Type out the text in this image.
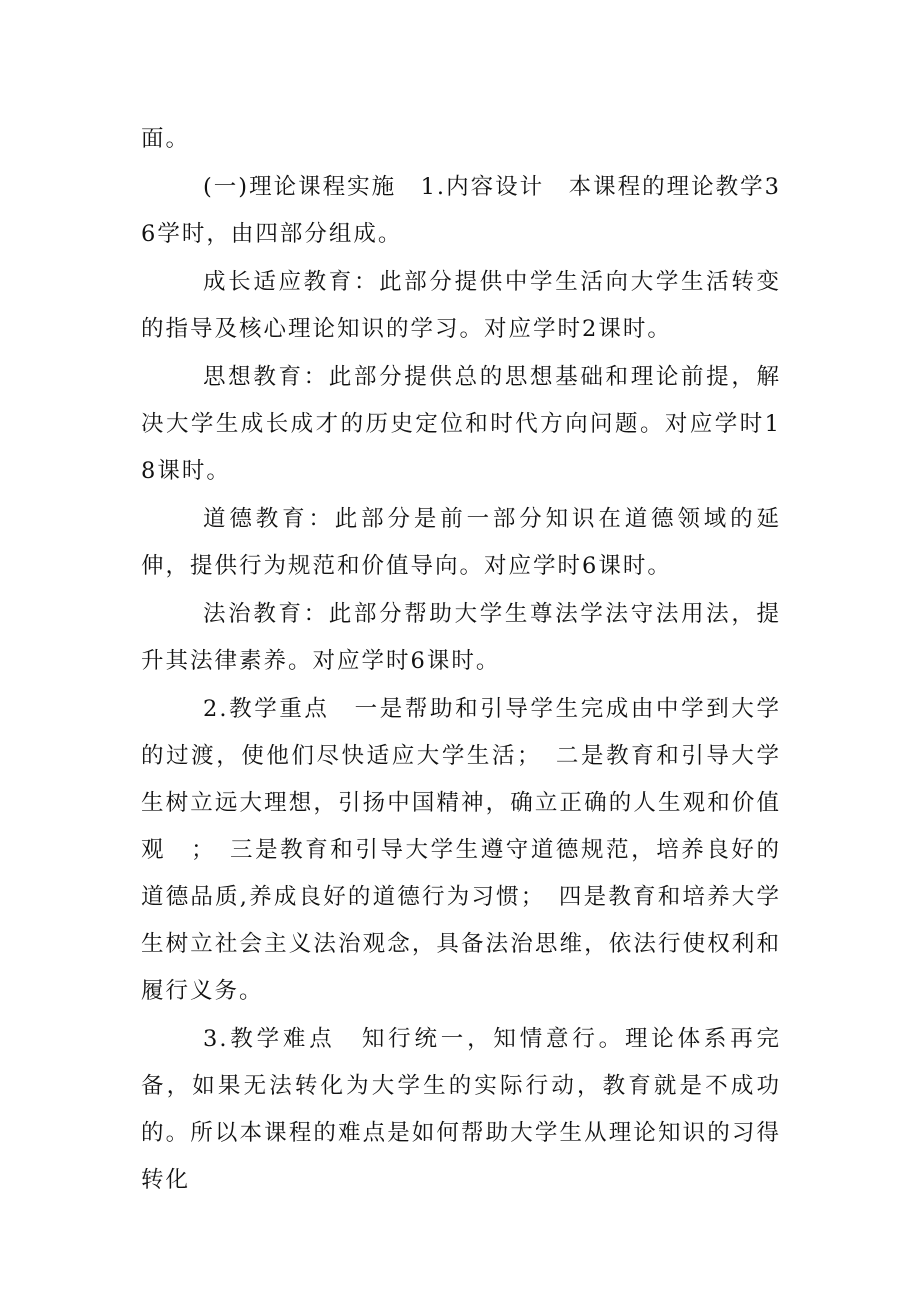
面。

(一)理论课程实施　1.内容设计　本课程的理论教学36学时，由四部分组成。

成长适应教育：此部分提供中学生活向大学生活转变的指导及核心理论知识的学习。对应学时2课时。

思想教育：此部分提供总的思想基础和理论前提，解决大学生成长成才的历史定位和时代方向问题。对应学时18课时。

道德教育：此部分是前一部分知识在道德领域的延伸，提供行为规范和价值导向。对应学时6课时。

法治教育：此部分帮助大学生尊法学法守法用法，提升其法律素养。对应学时6课时。

2.教学重点　一是帮助和引导学生完成由中学到大学的过渡，使他们尽快适应大学生活；　二是教育和引导大学生树立远大理想，引扬中国精神，确立正确的人生观和价值观　；　三是教育和引导大学生遵守道德规范，培养良好的道德品质,养成良好的道德行为习惯；　四是教育和培养大学生树立社会主义法治观念，具备法治思维，依法行使权利和履行义务。

3.教学难点　知行统一，知情意行。理论体系再完备，如果无法转化为大学生的实际行动，教育就是不成功的。所以本课程的难点是如何帮助大学生从理论知识的习得转化
